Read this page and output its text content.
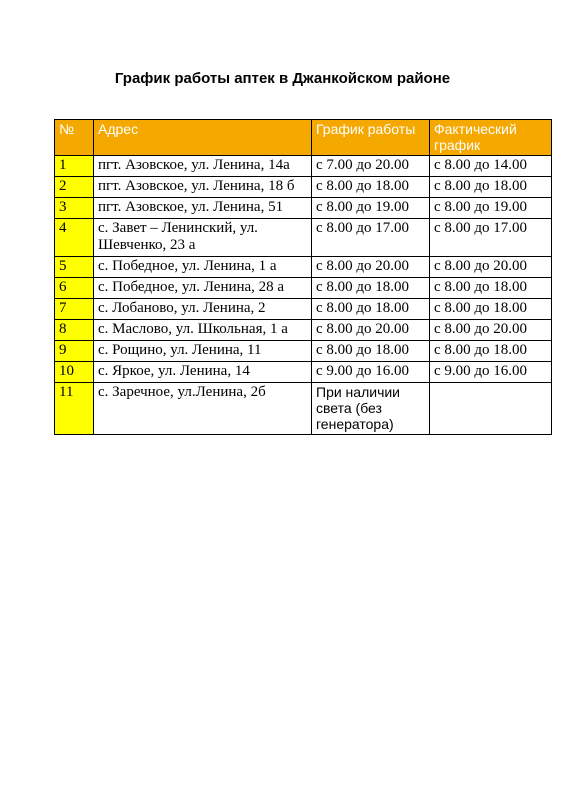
График работы аптек в Джанкойском районе
№	Адрес	График работы	Фактический график
1	пгт. Азовское, ул. Ленина, 14а	с 7.00 до 20.00	с 8.00 до 14.00
2	пгт. Азовское, ул. Ленина, 18 б	с 8.00 до 18.00	с 8.00 до 18.00
3	пгт. Азовское, ул. Ленина, 51	с 8.00 до 19.00	с 8.00 до 19.00
4	с. Завет – Ленинский, ул. Шевченко, 23 а	с 8.00 до 17.00	с 8.00 до 17.00
5	с. Победное, ул. Ленина, 1 а	с 8.00 до 20.00	с 8.00 до 20.00
6	с. Победное, ул. Ленина, 28 а	с 8.00 до 18.00	с 8.00 до 18.00
7	с. Лобаново, ул. Ленина, 2	с 8.00 до 18.00	с 8.00 до 18.00
8	с. Маслово, ул. Школьная, 1 а	с 8.00 до 20.00	с 8.00 до 20.00
9	с. Рощино, ул. Ленина, 11	с 8.00 до 18.00	с 8.00 до 18.00
10	с. Яркое, ул. Ленина, 14	с 9.00 до 16.00	с 9.00 до 16.00
11	с. Заречное, ул.Ленина, 2б	При наличии света (без генератора)	
